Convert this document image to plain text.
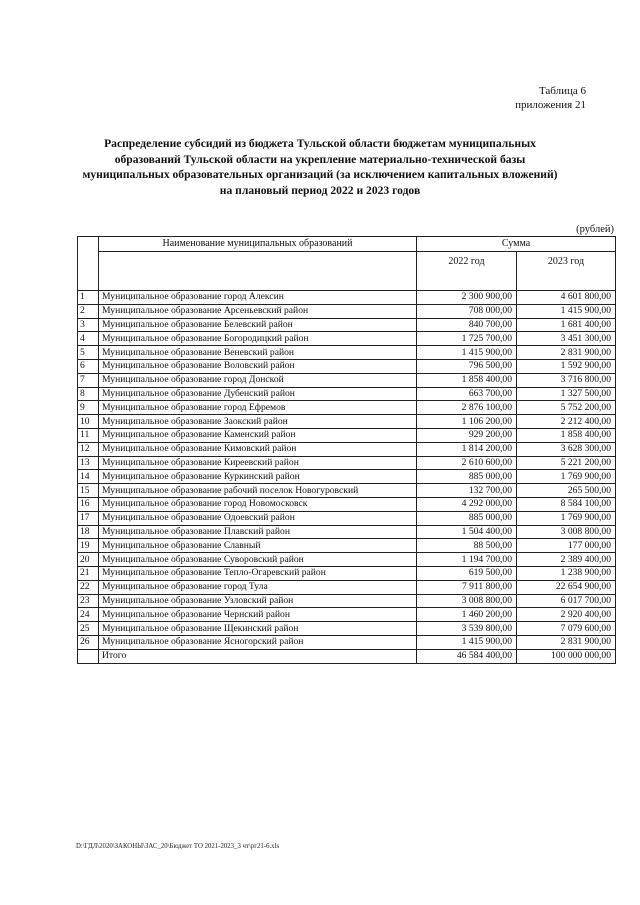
Таблица 6
приложения 21
Распределение субсидий из бюджета Тульской области бюджетам муниципальных
образований Тульской области на укрепление материально-технической базы
муниципальных образовательных организаций (за исключением капитальных вложений)
на плановый период 2022 и 2023 годов
(рублей)
	Наименование муниципальных образований	Сумма	
		2022 год	2023 год
1	Муниципальное образование город Алексин	2 300 900,00	4 601 800,00
2	Муниципальное образование Арсеньевский район	708 000,00	1 415 900,00
3	Муниципальное образование Белевский район	840 700,00	1 681 400,00
4	Муниципальное образование Богородицкий район	1 725 700,00	3 451 300,00
5	Муниципальное образование Веневский район	1 415 900,00	2 831 900,00
6	Муниципальное образование Воловский район	796 500,00	1 592 900,00
7	Муниципальное образование город Донской	1 858 400,00	3 716 800,00
8	Муниципальное образование Дубенский район	663 700,00	1 327 500,00
9	Муниципальное образование город Ефремов	2 876 100,00	5 752 200,00
10	Муниципальное образование Заокский район	1 106 200,00	2 212 400,00
11	Муниципальное образование Каменский район	929 200,00	1 858 400,00
12	Муниципальное образование Кимовский район	1 814 200,00	3 628 300,00
13	Муниципальное образование Киреевский район	2 610 600,00	5 221 200,00
14	Муниципальное образование Куркинский район	885 000,00	1 769 900,00
15	Муниципальное образование рабочий поселок Новогуровский	132 700,00	265 500,00
16	Муниципальное образование город Новомосковск	4 292 000,00	8 584 100,00
17	Муниципальное образование Одоевский район	885 000,00	1 769 900,00
18	Муниципальное образование Плавский район	1 504 400,00	3 008 800,00
19	Муниципальное образование Славный	88 500,00	177 000,00
20	Муниципальное образование Суворовский район	1 194 700,00	2 389 400,00
21	Муниципальное образование Тепло-Огаревский район	619 500,00	1 238 900,00
22	Муниципальное образование город Тула	7 911 800,00	22 654 900,00
23	Муниципальное образование Узловский район	3 008 800,00	6 017 700,00
24	Муниципальное образование Чернский район	1 460 200,00	2 920 400,00
25	Муниципальное образование Щекинский район	3 539 800,00	7 079 600,00
26	Муниципальное образование Ясногорский район	1 415 900,00	2 831 900,00
	Итого	46 584 400,00	100 000 000,00
D:\ГДЛ\2020\ЗАКОНЫ\ЗАС_20\Бюджет ТО 2021-2023_3 чт\рг21-6.xls
